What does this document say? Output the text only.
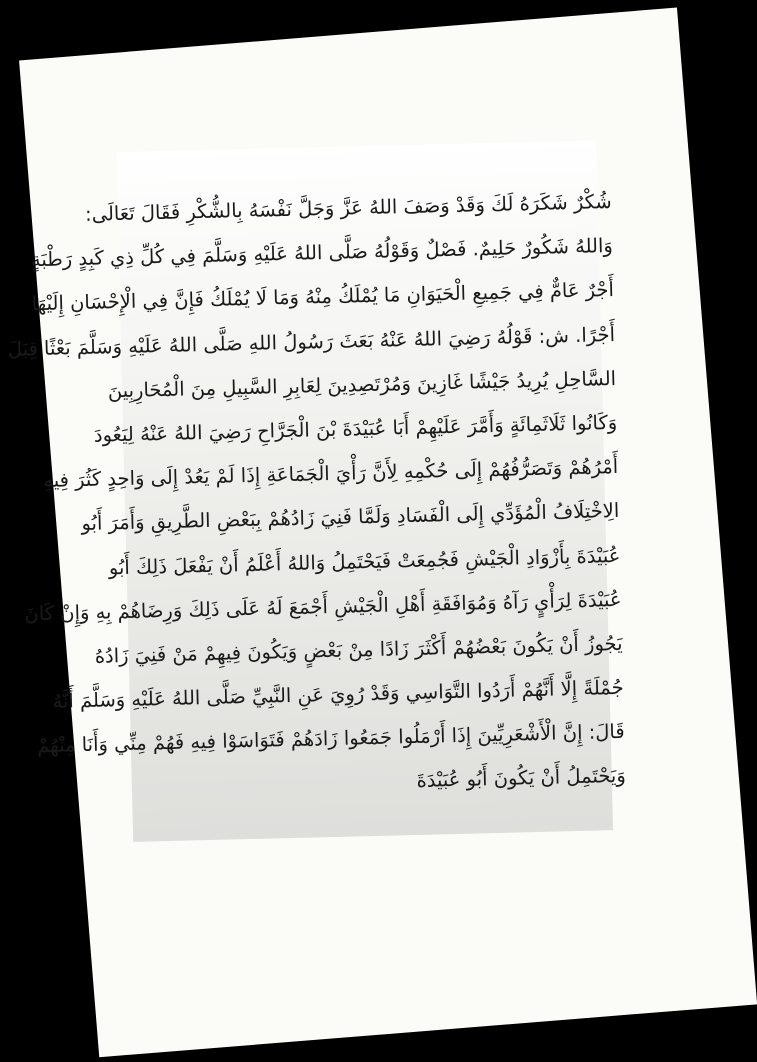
شُكْرٌ شَكَرَهُ لَكَ وَقَدْ وَصَفَ اللهُ عَزَّ وَجَلَّ نَفْسَهُ بِالشُّكْرِ فَقَالَ تَعَالَى:
وَاللهُ شَكُورٌ حَلِيمٌ. فَصْلٌ وَقَوْلُهُ صَلَّى اللهُ عَلَيْهِ وَسَلَّمَ فِي كُلِّ ذِي كَبِدٍ رَطْبَةٍ
أَجْرٌ عَامٌّ فِي جَمِيعِ الْحَيَوَانِ مَا يُمْلَكُ مِنْهُ وَمَا لَا يُمْلَكُ فَإِنَّ فِي الْإِحْسَانِ إِلَيْهَا
أَجْرًا. ش: قَوْلُهُ رَضِيَ اللهُ عَنْهُ بَعَثَ رَسُولُ اللهِ صَلَّى اللهُ عَلَيْهِ وَسَلَّمَ بَعْثًا قِبَلَ
السَّاحِلِ يُرِيدُ جَيْشًا غَازِينَ وَمُرْتَصِدِينَ لِعَابِرِ السَّبِيلِ مِنَ الْمُحَارِبِينَ
وَكَانُوا ثَلَاثَمِائَةٍ وَأَمَّرَ عَلَيْهِمْ أَبَا عُبَيْدَةَ بْنَ الْجَرَّاحِ رَضِيَ اللهُ عَنْهُ لِيَعُودَ
أَمْرُهُمْ وَتَصَرُّفُهُمْ إِلَى حُكْمِهِ لِأَنَّ رَأْيَ الْجَمَاعَةِ إِذَا لَمْ يَعُدْ إِلَى وَاحِدٍ كَثُرَ فِيهِ
الِاخْتِلَافُ الْمُؤَدِّي إِلَى الْفَسَادِ وَلَمَّا فَنِيَ زَادُهُمْ بِبَعْضِ الطَّرِيقِ وَأَمَرَ أَبُو
عُبَيْدَةَ بِأَزْوَادِ الْجَيْشِ فَجُمِعَتْ فَيَحْتَمِلُ وَاللهُ أَعْلَمُ أَنْ يَفْعَلَ ذَلِكَ أَبُو
عُبَيْدَةَ لِرَأْيٍ رَآهُ وَمُوَافَقَةِ أَهْلِ الْجَيْشِ أَجْمَعَ لَهُ عَلَى ذَلِكَ وَرِضَاهُمْ بِهِ وَإِنْ كَانَ
يَجُوزُ أَنْ يَكُونَ بَعْضُهُمْ أَكْثَرَ زَادًا مِنْ بَعْضٍ وَيَكُونَ فِيهِمْ مَنْ فَنِيَ زَادُهُ
جُمْلَةً إِلَّا أَنَّهُمْ أَرَدُوا التَّوَاسِي وَقَدْ رُوِيَ عَنِ النَّبِيِّ صَلَّى اللهُ عَلَيْهِ وَسَلَّمَ أَنَّهُ
قَالَ: إِنَّ الْأَشْعَرِيِّينَ إِذَا أَرْمَلُوا جَمَعُوا زَادَهُمْ فَتَوَاسَوْا فِيهِ فَهُمْ مِنِّي وَأَنَا مِنْهُمْ
وَيَحْتَمِلُ أَنْ يَكُونَ أَبُو عُبَيْدَةَ
